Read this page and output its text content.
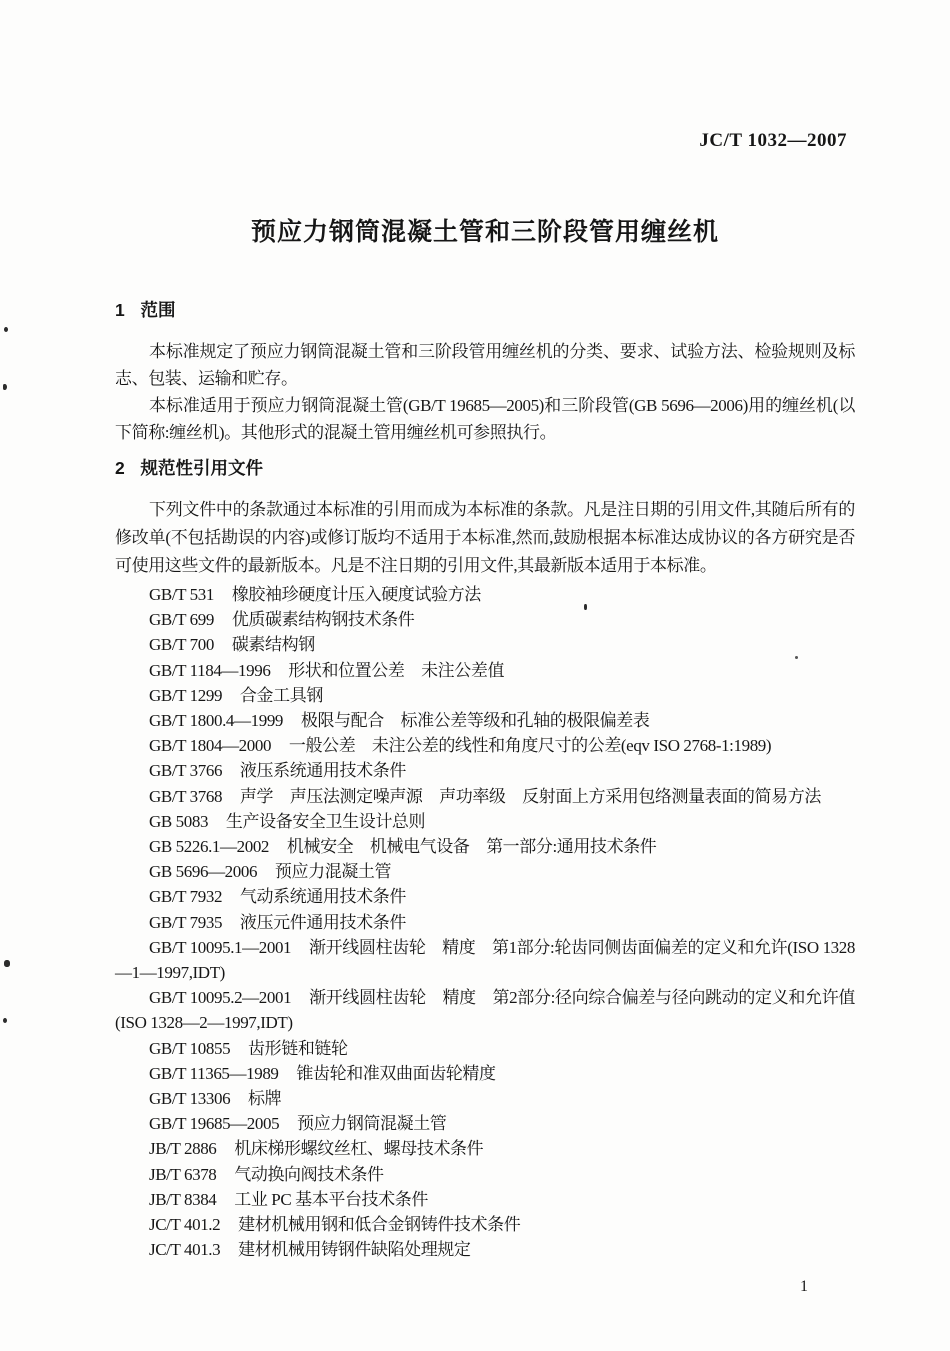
JC/T 1032—2007
预应力钢筒混凝土管和三阶段管用缠丝机
1 范围

本标准规定了预应力钢筒混凝土管和三阶段管用缠丝机的分类、要求、试验方法、检验规则及标志、包装、运输和贮存。

本标准适用于预应力钢筒混凝土管(GB/T 19685—2005)和三阶段管(GB 5696—2006)用的缠丝机(以下简称:缠丝机)。其他形式的混凝土管用缠丝机可参照执行。

2 规范性引用文件

下列文件中的条款通过本标准的引用而成为本标准的条款。凡是注日期的引用文件,其随后所有的修改单(不包括勘误的内容)或修订版均不适用于本标准,然而,鼓励根据本标准达成协议的各方研究是否可使用这些文件的最新版本。凡是不注日期的引用文件,其最新版本适用于本标准。

GB/T 531 橡胶袖珍硬度计压入硬度试验方法
GB/T 699 优质碳素结构钢技术条件
GB/T 700 碳素结构钢
GB/T 1184—1996 形状和位置公差　未注公差值
GB/T 1299 合金工具钢
GB/T 1800.4—1999 极限与配合　标准公差等级和孔轴的极限偏差表
GB/T 1804—2000 一般公差　未注公差的线性和角度尺寸的公差(eqv ISO 2768-1:1989)
GB/T 3766 液压系统通用技术条件
GB/T 3768 声学　声压法测定噪声源　声功率级　反射面上方采用包络测量表面的简易方法
GB 5083 生产设备安全卫生设计总则
GB 5226.1—2002 机械安全　机械电气设备　第一部分:通用技术条件
GB 5696—2006 预应力混凝土管
GB/T 7932 气动系统通用技术条件
GB/T 7935 液压元件通用技术条件
GB/T 10095.1—2001 渐开线圆柱齿轮　精度　第1部分:轮齿同侧齿面偏差的定义和允许(ISO 1328—1—1997,IDT)
GB/T 10095.2—2001 渐开线圆柱齿轮　精度　第2部分:径向综合偏差与径向跳动的定义和允许值(ISO 1328—2—1997,IDT)
GB/T 10855 齿形链和链轮
GB/T 11365—1989 锥齿轮和准双曲面齿轮精度
GB/T 13306 标牌
GB/T 19685—2005 预应力钢筒混凝土管
JB/T 2886 机床梯形螺纹丝杠、螺母技术条件
JB/T 6378 气动换向阀技术条件
JB/T 8384 工业 PC 基本平台技术条件
JC/T 401.2 建材机械用钢和低合金钢铸件技术条件
JC/T 401.3 建材机械用铸钢件缺陷处理规定
1
